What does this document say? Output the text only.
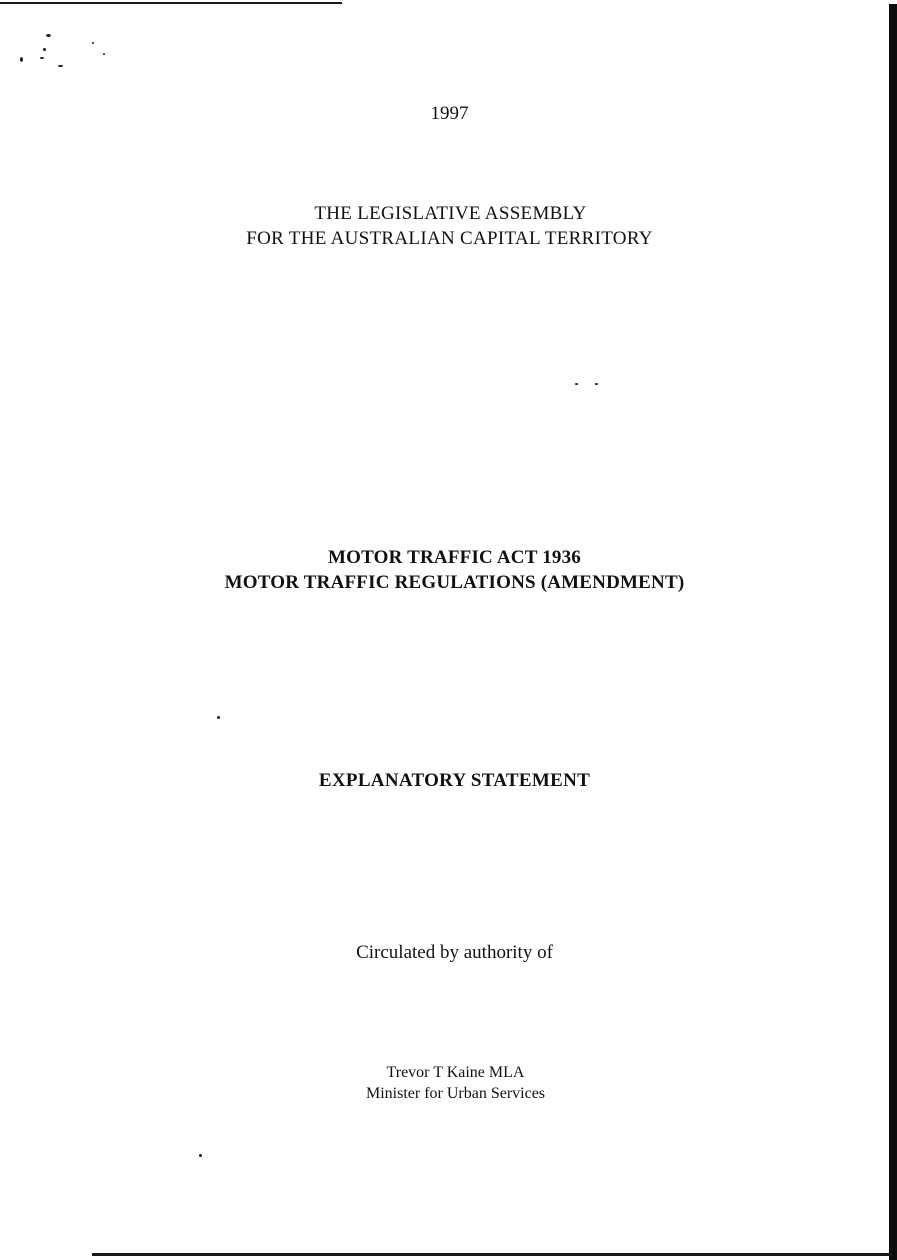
1997
THE LEGISLATIVE ASSEMBLY
FOR THE AUSTRALIAN CAPITAL TERRITORY
MOTOR TRAFFIC ACT 1936
MOTOR TRAFFIC REGULATIONS (AMENDMENT)
EXPLANATORY STATEMENT
Circulated by authority of
Trevor T Kaine MLA
Minister for Urban Services
